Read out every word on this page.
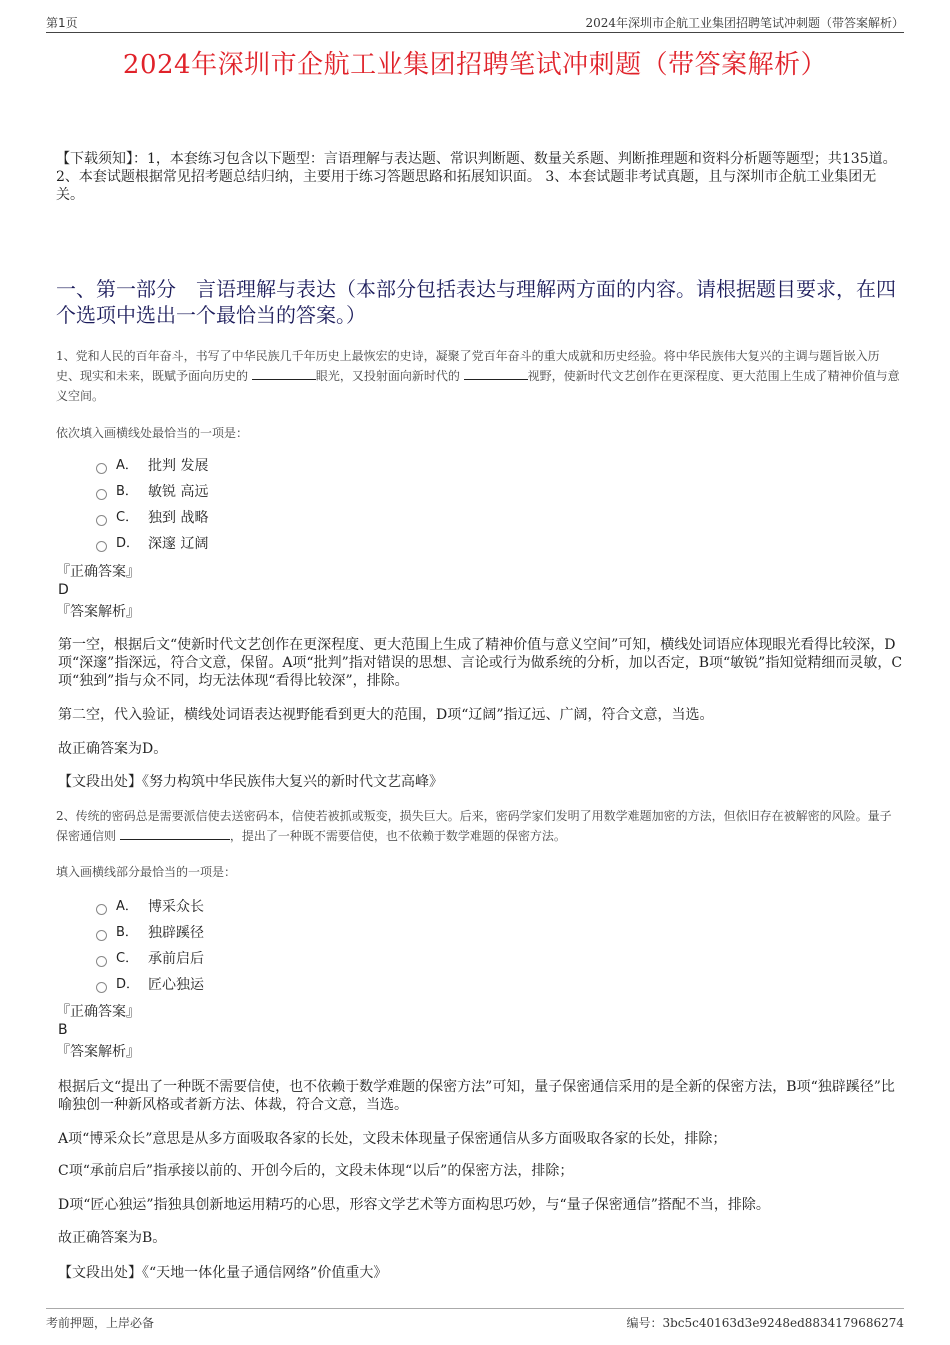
第1页	2024年深圳市企航工业集团招聘笔试冲刺题（带答案解析）
2024年深圳市企航工业集团招聘笔试冲刺题（带答案解析）
【下载须知】：1，本套练习包含以下题型：言语理解与表达题、常识判断题、数量关系题、判断推理题和资料分析题等题型；共135道。 2、本套试题根据常见招考题总结归纳，主要用于练习答题思路和拓展知识面。 3、本套试题非考试真题，且与深圳市企航工业集团无关。
一、第一部分　言语理解与表达（本部分包括表达与理解两方面的内容。请根据题目要求，在四个选项中选出一个最恰当的答案。）
1、党和人民的百年奋斗，书写了中华民族几千年历史上最恢宏的史诗，凝聚了党百年奋斗的重大成就和历史经验。将中华民族伟大复兴的主调与题旨嵌入历史、现实和未来，既赋予面向历史的	眼光，又投射面向新时代的	视野，使新时代文艺创作在更深程度、更大范围上生成了精神价值与意义空间。
依次填入画横线处最恰当的一项是：
A． 批判 发展
B． 敏锐 高远
C． 独到 战略
D． 深邃 辽阔
『正确答案』
D
『答案解析』
第一空，根据后文“使新时代文艺创作在更深程度、更大范围上生成了精神价值与意义空间”可知，横线处词语应体现眼光看得比较深，D项“深邃”指深远，符合文意，保留。A项“批判”指对错误的思想、言论或行为做系统的分析，加以否定，B项“敏锐”指知觉精细而灵敏，C项“独到”指与众不同，均无法体现“看得比较深”，排除。
第二空，代入验证，横线处词语表达视野能看到更大的范围，D项“辽阔”指辽远、广阔，符合文意，当选。
故正确答案为D。
【文段出处】《努力构筑中华民族伟大复兴的新时代文艺高峰》
2、传统的密码总是需要派信使去送密码本，信使若被抓或叛变，损失巨大。后来，密码学家们发明了用数学难题加密的方法，但依旧存在被解密的风险。量子保密通信则	，提出了一种既不需要信使，也不依赖于数学难题的保密方法。
填入画横线部分最恰当的一项是：
A． 博采众长
B． 独辟蹊径
C． 承前启后
D． 匠心独运
『正确答案』
B
『答案解析』
根据后文“提出了一种既不需要信使，也不依赖于数学难题的保密方法”可知，量子保密通信采用的是全新的保密方法，B项“独辟蹊径”比喻独创一种新风格或者新方法、体裁，符合文意，当选。
A项“博采众长”意思是从多方面吸取各家的长处，文段未体现量子保密通信从多方面吸取各家的长处，排除；
C项“承前启后”指承接以前的、开创今后的，文段未体现“以后”的保密方法，排除；
D项“匠心独运”指独具创新地运用精巧的心思，形容文学艺术等方面构思巧妙，与“量子保密通信”搭配不当，排除。
故正确答案为B。
【文段出处】《“天地一体化量子通信网络”价值重大》
考前押题，上岸必备	编号：3bc5c40163d3e9248ed8834179686274
